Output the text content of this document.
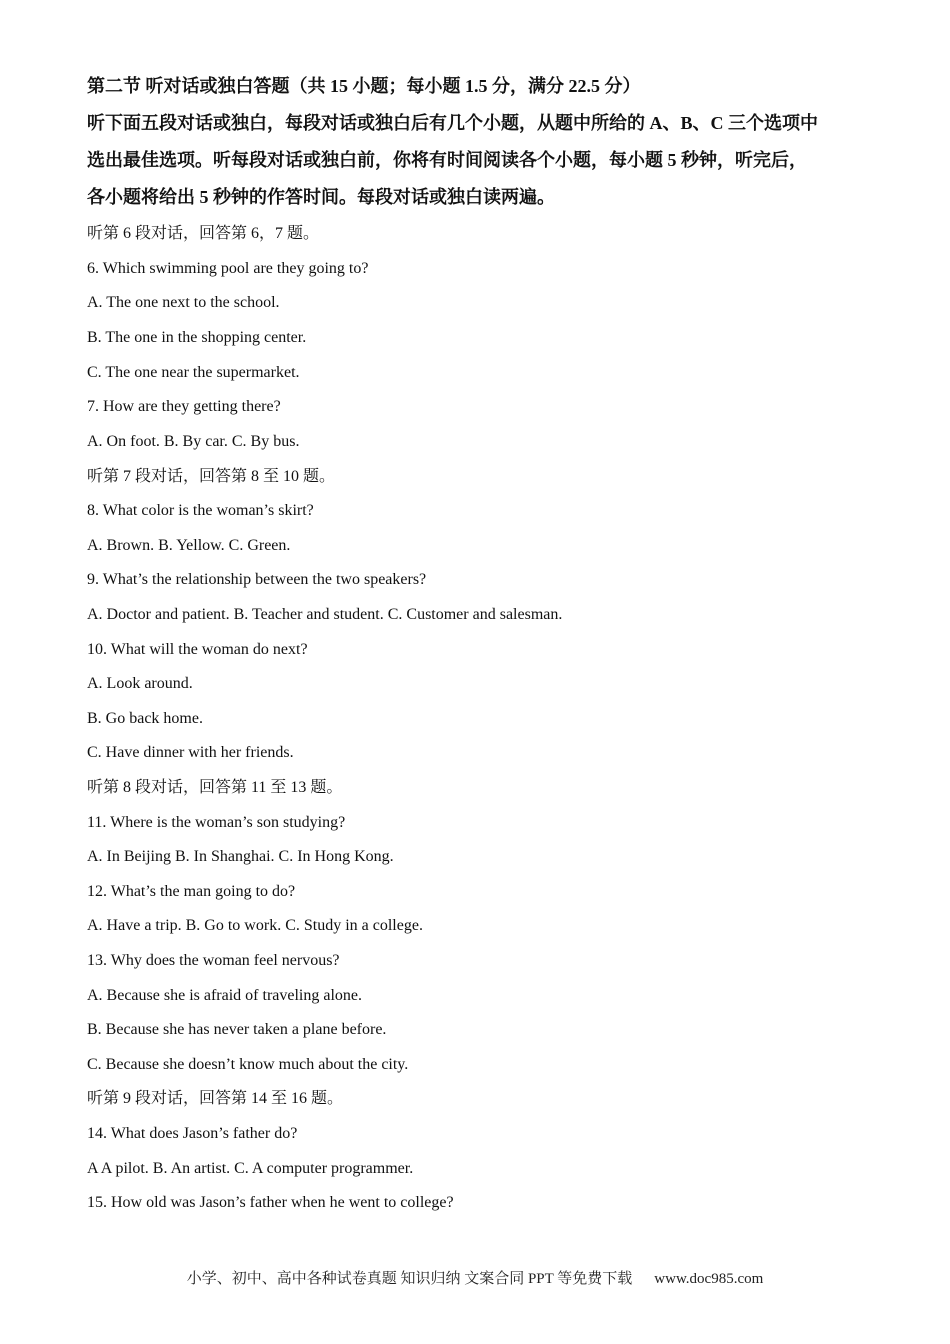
第二节 听对话或独白答题（共 15 小题；每小题 1.5 分，满分 22.5 分）
听下面五段对话或独白，每段对话或独白后有几个小题，从题中所给的 A、B、C 三个选项中
选出最佳选项。听每段对话或独白前，你将有时间阅读各个小题，每小题 5 秒钟，听完后，
各小题将给出 5 秒钟的作答时间。每段对话或独白读两遍。
听第 6 段对话，回答第 6，7 题。
6. Which swimming pool are they going to?
A. The one next to the school.
B. The one in the shopping center.
C. The one near the supermarket.
7. How are they getting there?
A. On foot. B. By car. C. By bus.
听第 7 段对话，回答第 8 至 10 题。
8. What color is the woman’s skirt?
A. Brown. B. Yellow. C. Green.
9. What’s the relationship between the two speakers?
A. Doctor and patient. B. Teacher and student. C. Customer and salesman.
10. What will the woman do next?
A. Look around.
B. Go back home.
C. Have dinner with her friends.
听第 8 段对话，回答第 11 至 13 题。
11. Where is the woman’s son studying?
A. In Beijing B. In Shanghai. C. In Hong Kong.
12. What’s the man going to do?
A. Have a trip. B. Go to work. C. Study in a college.
13. Why does the woman feel nervous?
A. Because she is afraid of traveling alone.
B. Because she has never taken a plane before.
C. Because she doesn’t know much about the city.
听第 9 段对话，回答第 14 至 16 题。
14. What does Jason’s father do?
A A pilot. B. An artist. C. A computer programmer.
15. How old was Jason’s father when he went to college?
小学、初中、高中各种试卷真题 知识归纳 文案合同 PPT 等免费下载 www.doc985.com
